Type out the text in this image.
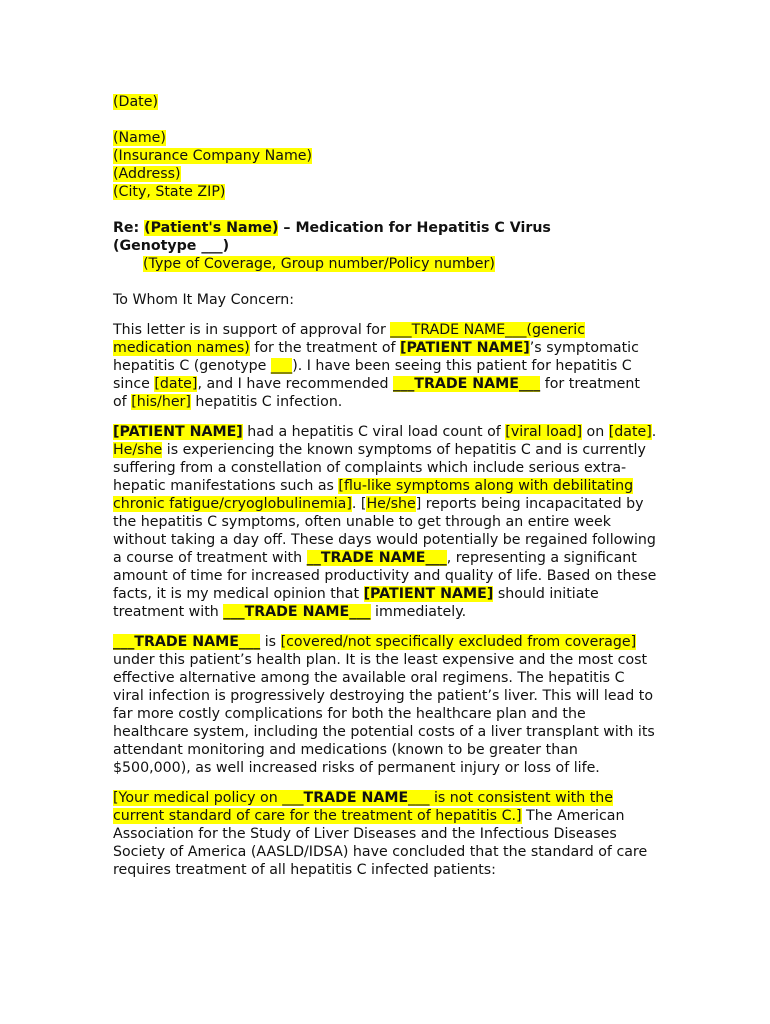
(Date)

(Name)

(Insurance Company Name)

(Address)

(City, State ZIP)

Re: (Patient's Name) – Medication for Hepatitis C Virus

(Genotype ___)

(Type of Coverage, Group number/Policy number)

To Whom It May Concern:

This letter is in support of approval for ___TRADE NAME___(generic medication names) for the treatment of [PATIENT NAME]’s symptomatic hepatitis C (genotype ___). I have been seeing this patient for hepatitis C since [date], and I have recommended ___TRADE NAME___ for treatment of [his/her] hepatitis C infection.

[PATIENT NAME] had a hepatitis C viral load count of [viral load] on [date]. He/she is experiencing the known symptoms of hepatitis C and is currently suffering from a constellation of complaints which include serious extra-hepatic manifestations such as [flu-like symptoms along with debilitating chronic fatigue/cryoglobulinemia]. [He/she] reports being incapacitated by the hepatitis C symptoms, often unable to get through an entire week without taking a day off. These days would potentially be regained following a course of treatment with __TRADE NAME___, representing a significant amount of time for increased productivity and quality of life. Based on these facts, it is my medical opinion that [PATIENT NAME] should initiate treatment with ___TRADE NAME___ immediately.

___TRADE NAME___ is [covered/not specifically excluded from coverage] under this patient’s health plan. It is the least expensive and the most cost effective alternative among the available oral regimens. The hepatitis C viral infection is progressively destroying the patient’s liver. This will lead to far more costly complications for both the healthcare plan and the healthcare system, including the potential costs of a liver transplant with its attendant monitoring and medications (known to be greater than $500,000), as well increased risks of permanent injury or loss of life.

[Your medical policy on ___TRADE NAME___ is not consistent with the current standard of care for the treatment of hepatitis C.] The American Association for the Study of Liver Diseases and the Infectious Diseases Society of America (AASLD/IDSA) have concluded that the standard of care requires treatment of all hepatitis C infected patients:
